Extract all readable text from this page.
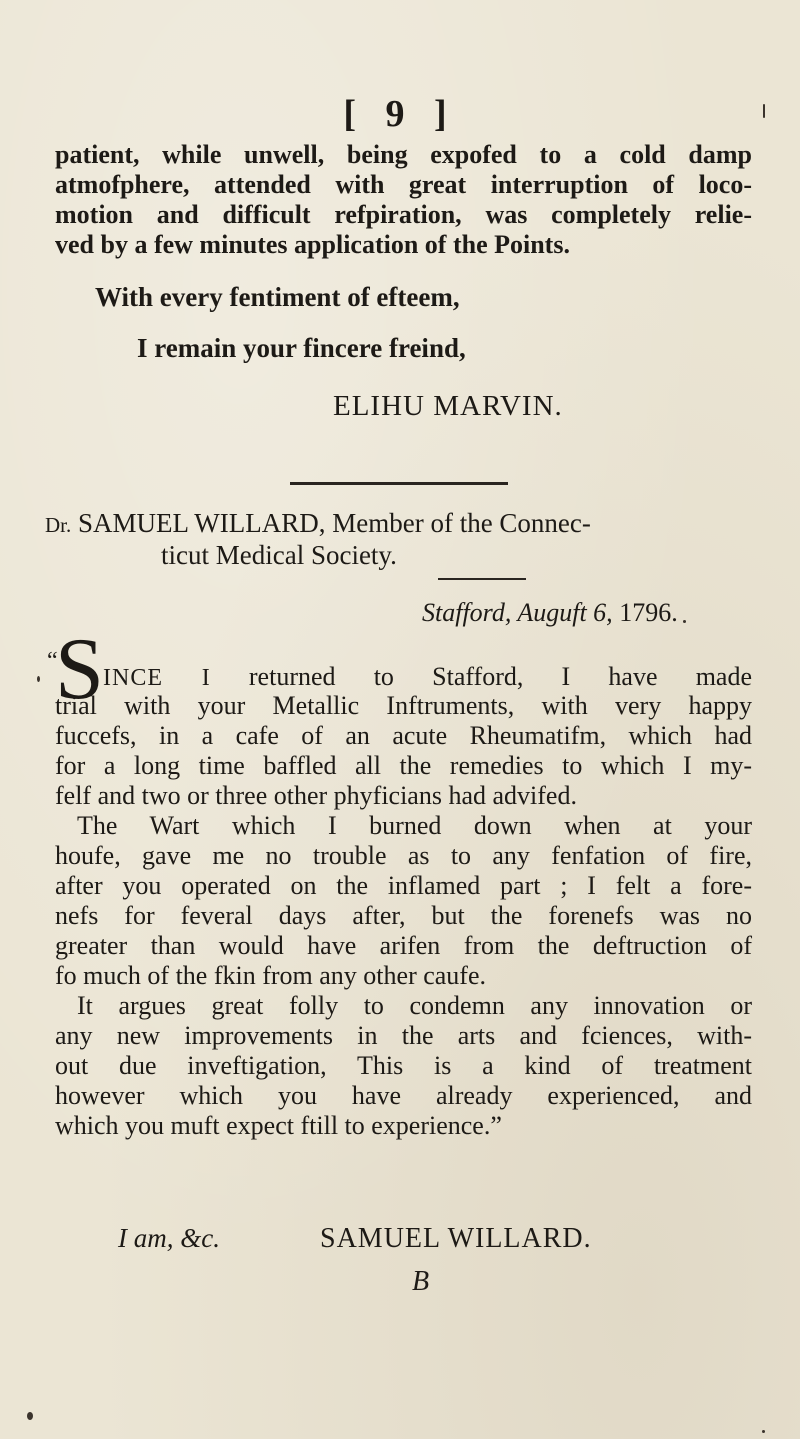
[ 9 ]
patient, while unwell, being expofed to a cold damp
atmofphere, attended with great interruption of loco-
motion and difficult refpiration, was completely relie-
ved by a few minutes application of the Points.
With every fentiment of efteem,
I remain your fincere freind,
ELIHU MARVIN.
Dr. SAMUEL WILLARD, Member of the Connec-
ticut Medical Society.
Stafford, Auguft 6, 1796.
“
S INCE I returned to Stafford, I have made
trial with your Metallic Inftruments, with very happy
fuccefs, in a cafe of an acute Rheumatifm, which had
for a long time baffled all the remedies to which I my-
felf and two or three other phyficians had advifed.
The Wart which I burned down when at your
houfe, gave me no trouble as to any fenfation of fire,
after you operated on the inflamed part ; I felt a fore-
nefs for feveral days after, but the forenefs was no
greater than would have arifen from the deftruction of
fo much of the fkin from any other caufe.
It argues great folly to condemn any innovation or
any new improvements in the arts and fciences, with-
out due inveftigation, This is a kind of treatment
however which you have already experienced, and
which you muft expect ftill to experience.”
I am, &c.	SAMUEL WILLARD.
B
